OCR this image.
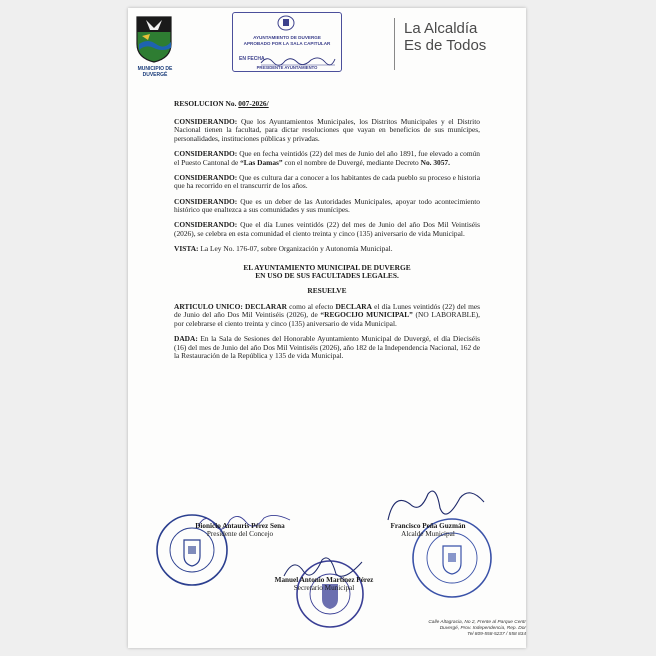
MUNICIPIO DE DUVERGÉ
AYUNTAMIENTO DE DUVERGE
APROBADO POR LA SALA CAPITULAR
EN FECHA
PRESIDENTE AYUNTAMIENTO
La Alcaldía
Es de Todos

RESOLUCION No. 007-2026/

CONSIDERANDO: Que los Ayuntamientos Municipales, los Distritos Municipales y el Distrito Nacional tienen la facultad, para dictar resoluciones que vayan en beneficios de sus munícipes, personalidades, instituciones públicas y privadas.

CONSIDERANDO: Que en fecha veintidós (22) del mes de Junio del año 1891, fue elevado a común el Puesto Cantonal de “Las Damas” con el nombre de Duvergé, mediante Decreto No. 3057.

CONSIDERANDO: Que es cultura dar a conocer a los habitantes de cada pueblo su proceso e historia que ha recorrido en el transcurrir de los años.

CONSIDERANDO: Que es un deber de las Autoridades Municipales, apoyar todo acontecimiento histórico que enaltezca a sus comunidades y sus munícipes.

CONSIDERANDO: Que el día Lunes veintidós (22) del mes de Junio del año Dos Mil Veintiséis (2026), se celebra en esta comunidad el ciento treinta y cinco (135) aniversario de vida Municipal.

VISTA: La Ley No. 176-07, sobre Organización y Autonomía Municipal.

EL AYUNTAMIENTO MUNICIPAL DE DUVERGE
EN USO DE SUS FACULTADES LEGALES.

RESUELVE

ARTICULO UNICO: DECLARAR como al efecto DECLARA el día Lunes veintidós (22) del mes de Junio del año Dos Mil Veintiséis (2026), de “REGOCIJO MUNICIPAL” (NO LABORABLE), por celebrarse el ciento treinta y cinco (135) aniversario de vida Municipal.

DADA: En la Sala de Sesiones del Honorable Ayuntamiento Municipal de Duvergé, el día Dieciséis (16) del mes de Junio del año Dos Mil Veintiséis (2026), año 182 de la Independencia Nacional, 162 de la Restauración de la República y 135 de vida Municipal.

Dionicio Antauris Pérez Sena
Presidente del Concejo
Francisco Peña Guzmán
Alcalde Municipal
Manuel Antonio Martínez Pérez
Secretario Municipal
Calle Altagracia, No 2, Frente al Parque Centr
Duvergé, Prov. Independencia, Rep. Dor
Tel 809-558-5237 / 558 834
